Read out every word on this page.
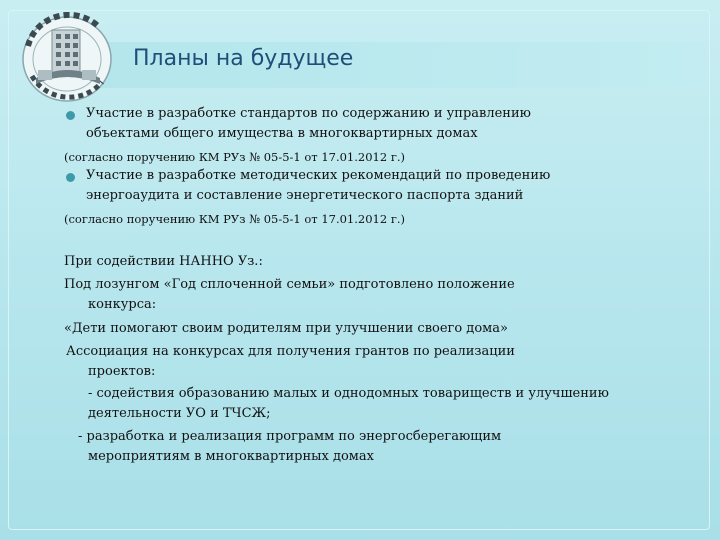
Планы на будущее
Участие в разработке стандартов по содержанию и управлению
объектами общего имущества в многоквартирных домах
(согласно поручению КМ РУз № 05-5-1 от 17.01.2012 г.)
Участие в разработке методических рекомендаций по проведению
энергоаудита и составление энергетического паспорта зданий
(согласно поручению КМ РУз № 05-5-1 от 17.01.2012 г.)
При содействии НАННО Уз.:
Под лозунгом «Год сплоченной семьи» подготовлено положение
конкурса:
«Дети помогают своим родителям при улучшении своего дома»
Ассоциация на конкурсах для получения грантов по реализации
проектов:
- содействия образованию малых и однодомных товариществ и улучшению
деятельности УО и ТЧСЖ;
- разработка и реализация программ по энергосберегающим
мероприятиям в многоквартирных домах
